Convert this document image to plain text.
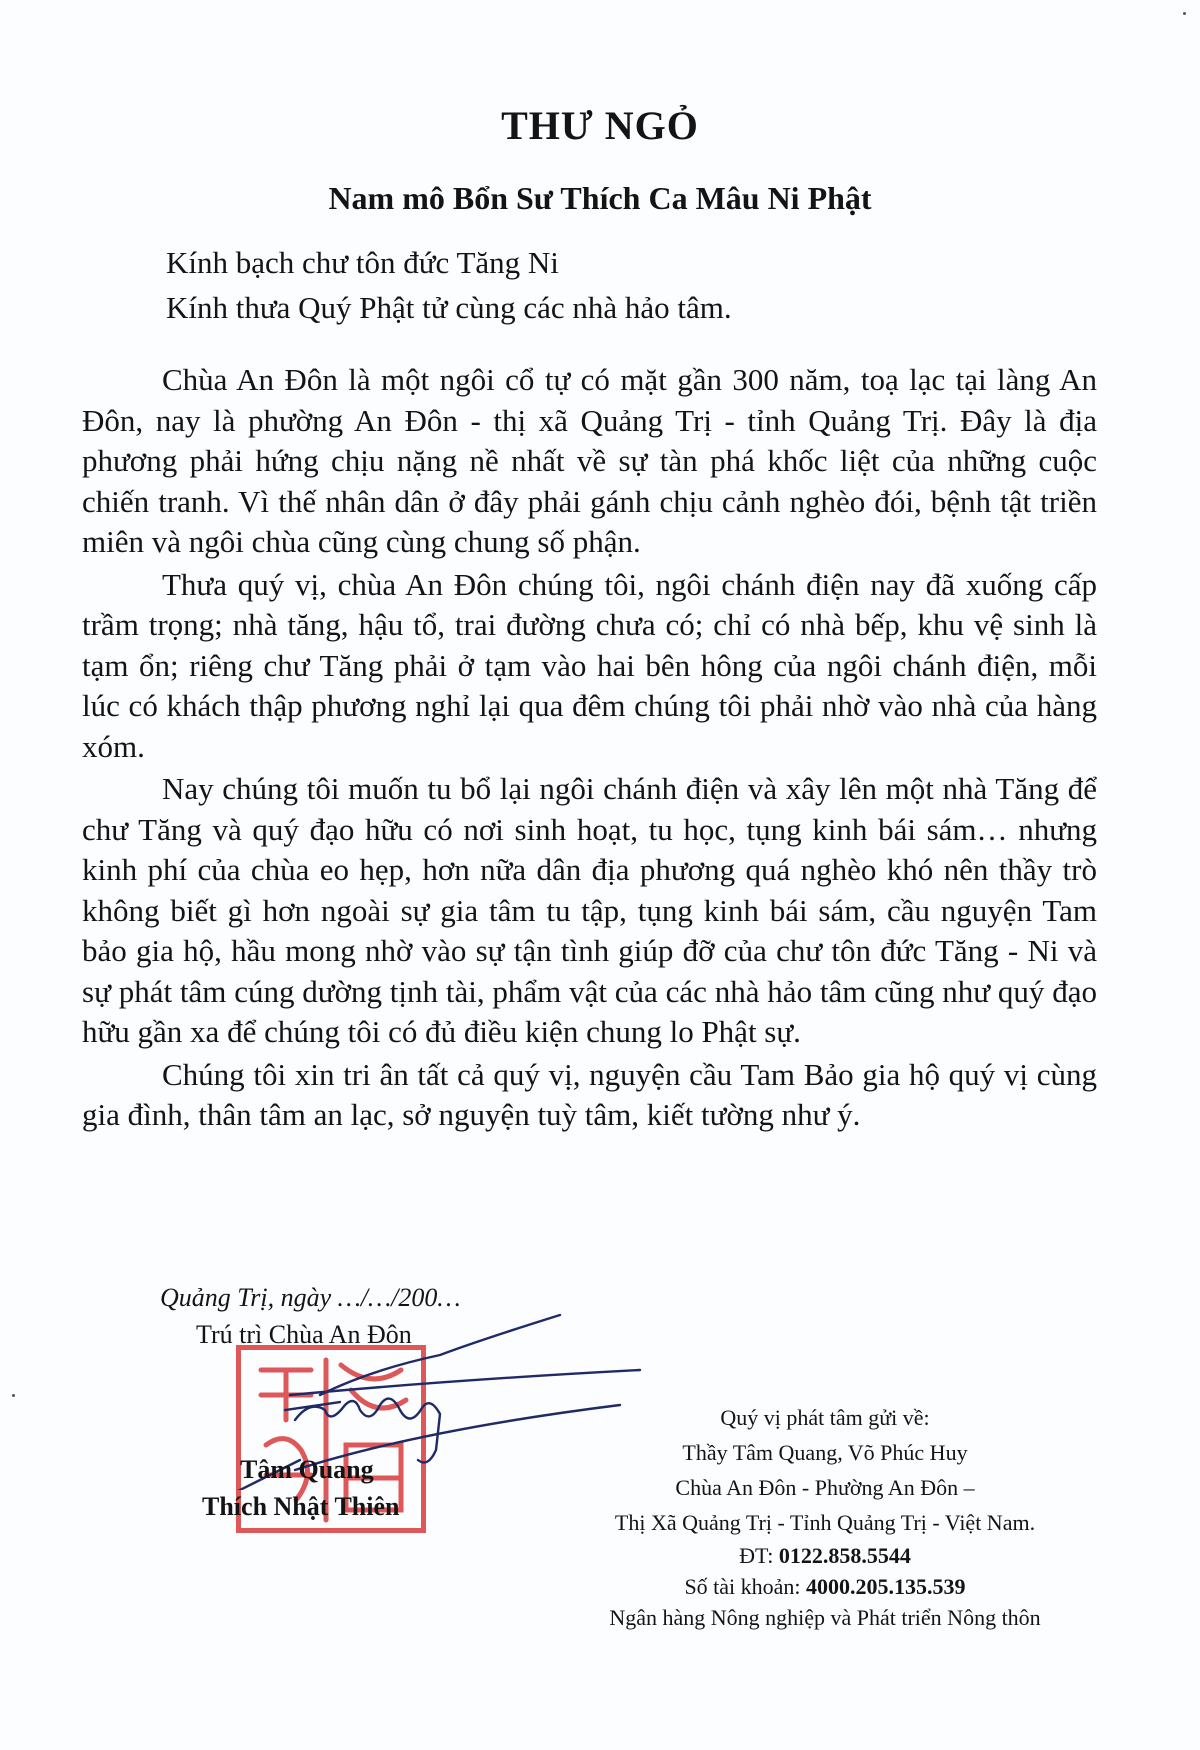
THƯ NGỎ
Nam mô Bổn Sư Thích Ca Mâu Ni Phật
Kính bạch chư tôn đức Tăng Ni
Kính thưa Quý Phật tử cùng các nhà hảo tâm.

Chùa An Đôn là một ngôi cổ tự có mặt gần 300 năm, toạ lạc tại làng An Đôn, nay là phường An Đôn - thị xã Quảng Trị - tỉnh Quảng Trị. Đây là địa phương phải hứng chịu nặng nề nhất về sự tàn phá khốc liệt của những cuộc chiến tranh. Vì thế nhân dân ở đây phải gánh chịu cảnh nghèo đói, bệnh tật triền miên và ngôi chùa cũng cùng chung số phận.

Thưa quý vị, chùa An Đôn chúng tôi, ngôi chánh điện nay đã xuống cấp trầm trọng; nhà tăng, hậu tổ, trai đường chưa có; chỉ có nhà bếp, khu vệ sinh là tạm ổn; riêng chư Tăng phải ở tạm vào hai bên hông của ngôi chánh điện, mỗi lúc có khách thập phương nghỉ lại qua đêm chúng tôi phải nhờ vào nhà của hàng xóm.

Nay chúng tôi muốn tu bổ lại ngôi chánh điện và xây lên một nhà Tăng để chư Tăng và quý đạo hữu có nơi sinh hoạt, tu học, tụng kinh bái sám… nhưng kinh phí của chùa eo hẹp, hơn nữa dân địa phương quá nghèo khó nên thầy trò không biết gì hơn ngoài sự gia tâm tu tập, tụng kinh bái sám, cầu nguyện Tam bảo gia hộ, hầu mong nhờ vào sự tận tình giúp đỡ của chư tôn đức Tăng - Ni và sự phát tâm cúng dường tịnh tài, phẩm vật của các nhà hảo tâm cũng như quý đạo hữu gần xa để chúng tôi có đủ điều kiện chung lo Phật sự.

Chúng tôi xin tri ân tất cả quý vị, nguyện cầu Tam Bảo gia hộ quý vị cùng gia đình, thân tâm an lạc, sở nguyện tuỳ tâm, kiết tường như ý.

Quảng Trị, ngày …/…/200…
Trú trì Chùa An Đôn
Tâm Quang
Thích Nhật Thiên
Quý vị phát tâm gửi về:
Thầy Tâm Quang, Võ Phúc Huy
Chùa An Đôn - Phường An Đôn –
Thị Xã Quảng Trị - Tỉnh Quảng Trị - Việt Nam.
ĐT: 0122.858.5544
Số tài khoản: 4000.205.135.539
Ngân hàng Nông nghiệp và Phát triển Nông thôn
